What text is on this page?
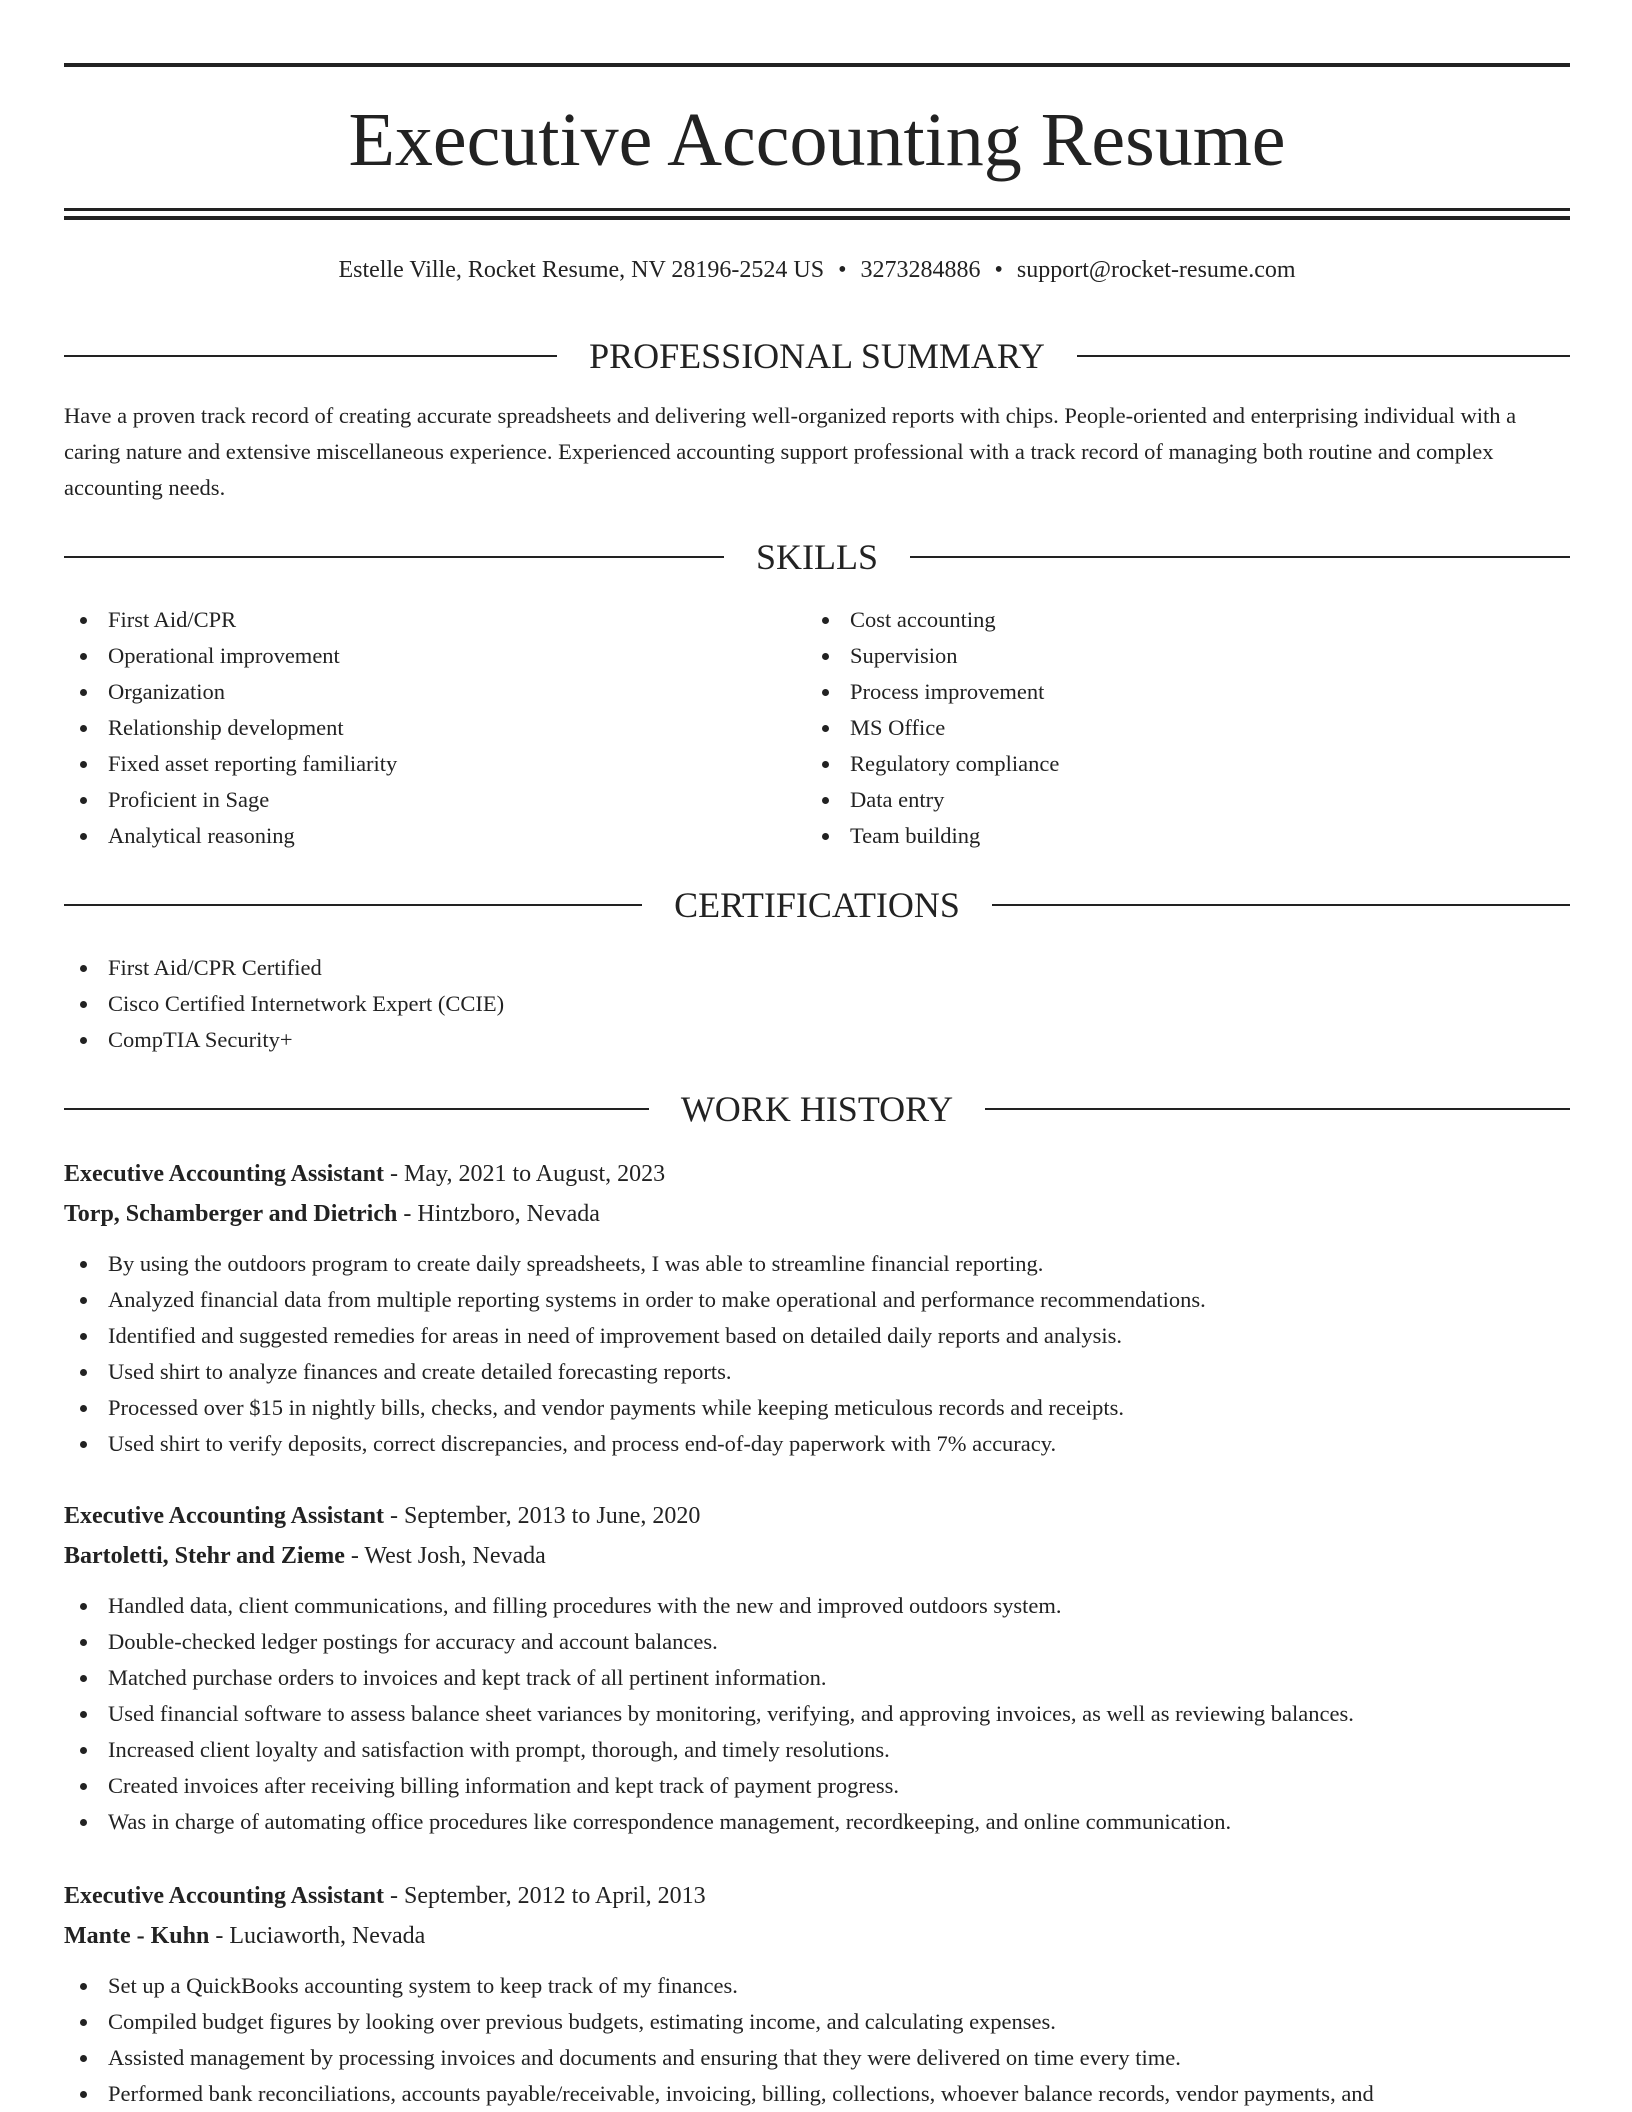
Executive Accounting Resume
Estelle Ville, Rocket Resume, NV 28196-2524 US • 3273284886 • support@rocket-resume.com
PROFESSIONAL SUMMARY

Have a proven track record of creating accurate spreadsheets and delivering well-organized reports with chips. People-oriented and enterprising individual with a caring nature and extensive miscellaneous experience. Experienced accounting support professional with a track record of managing both routine and complex accounting needs.

SKILLS
First Aid/CPR
Operational improvement
Organization
Relationship development
Fixed asset reporting familiarity
Proficient in Sage
Analytical reasoning
Cost accounting
Supervision
Process improvement
MS Office
Regulatory compliance
Data entry
Team building
CERTIFICATIONS
First Aid/CPR Certified
Cisco Certified Internetwork Expert (CCIE)
CompTIA Security+
WORK HISTORY
Executive Accounting Assistant - May, 2021 to August, 2023
Torp, Schamberger and Dietrich - Hintzboro, Nevada
By using the outdoors program to create daily spreadsheets, I was able to streamline financial reporting.
Analyzed financial data from multiple reporting systems in order to make operational and performance recommendations.
Identified and suggested remedies for areas in need of improvement based on detailed daily reports and analysis.
Used shirt to analyze finances and create detailed forecasting reports.
Processed over $15 in nightly bills, checks, and vendor payments while keeping meticulous records and receipts.
Used shirt to verify deposits, correct discrepancies, and process end-of-day paperwork with 7% accuracy.
Executive Accounting Assistant - September, 2013 to June, 2020
Bartoletti, Stehr and Zieme - West Josh, Nevada
Handled data, client communications, and filling procedures with the new and improved outdoors system.
Double-checked ledger postings for accuracy and account balances.
Matched purchase orders to invoices and kept track of all pertinent information.
Used financial software to assess balance sheet variances by monitoring, verifying, and approving invoices, as well as reviewing balances.
Increased client loyalty and satisfaction with prompt, thorough, and timely resolutions.
Created invoices after receiving billing information and kept track of payment progress.
Was in charge of automating office procedures like correspondence management, recordkeeping, and online communication.
Executive Accounting Assistant - September, 2012 to April, 2013
Mante - Kuhn - Luciaworth, Nevada
Set up a QuickBooks accounting system to keep track of my finances.
Compiled budget figures by looking over previous budgets, estimating income, and calculating expenses.
Assisted management by processing invoices and documents and ensuring that they were delivered on time every time.
Performed bank reconciliations, accounts payable/receivable, invoicing, billing, collections, whoever balance records, vendor payments, and
